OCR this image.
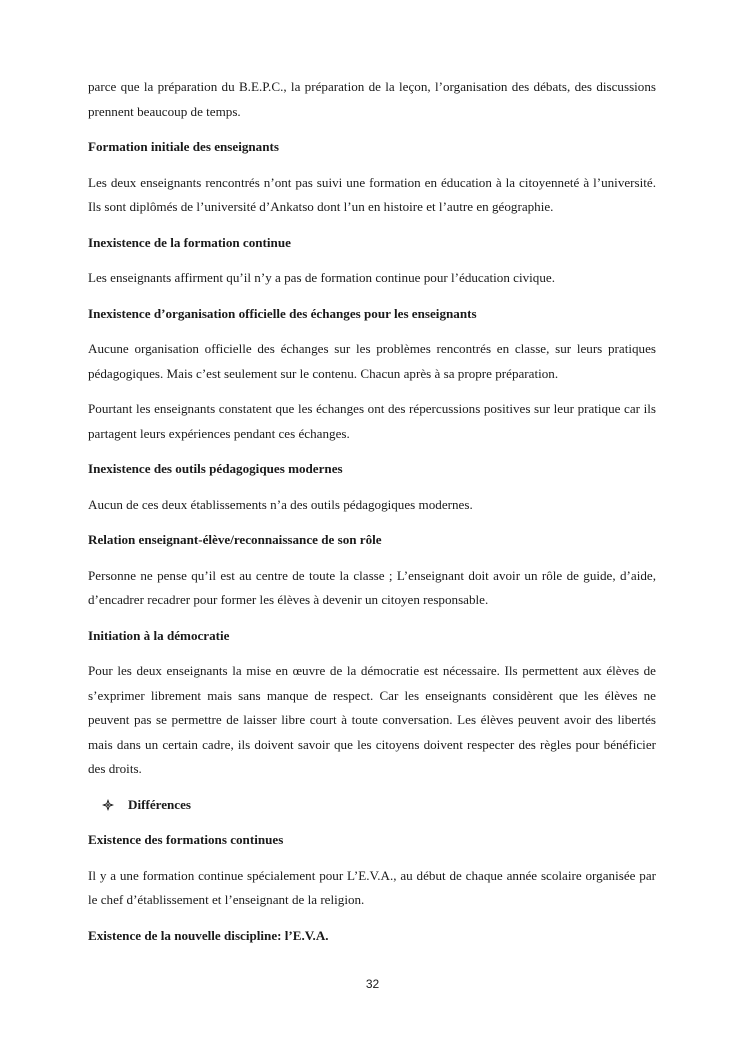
parce que la préparation du B.E.P.C., la préparation de la leçon, l’organisation des débats, des discussions prennent beaucoup de temps.

Formation initiale des enseignants

Les deux enseignants rencontrés n’ont pas suivi une formation en éducation à la citoyenneté à l’université. Ils sont diplômés de l’université d’Ankatso dont l’un en histoire et l’autre en géographie.

Inexistence de la formation continue

Les enseignants affirment qu’il n’y a pas de formation continue pour l’éducation civique.

Inexistence d’organisation officielle des échanges pour les enseignants

Aucune organisation officielle des échanges sur les problèmes rencontrés en classe, sur leurs pratiques pédagogiques. Mais c’est seulement sur le contenu. Chacun après à sa propre préparation.

Pourtant les enseignants constatent que les échanges ont des répercussions positives sur leur pratique car ils partagent leurs expériences pendant ces échanges.

Inexistence des outils pédagogiques modernes

Aucun de ces deux établissements n’a des outils pédagogiques modernes.

Relation enseignant-élève/reconnaissance de son rôle

Personne ne pense qu’il est au centre de toute la classe ; L’enseignant doit avoir un rôle de guide, d’aide, d’encadrer recadrer pour former les élèves à devenir un citoyen responsable.

Initiation à la démocratie

Pour les deux enseignants la mise en œuvre de la démocratie est nécessaire. Ils permettent aux élèves de s’exprimer librement mais sans manque de respect. Car les enseignants considèrent que les élèves ne peuvent pas se permettre de laisser libre court à toute conversation. Les élèves peuvent avoir des libertés mais dans un certain cadre, ils doivent savoir que les citoyens doivent respecter des règles pour bénéficier des droits.

Différences

Existence des formations continues

Il y a une formation continue spécialement pour L’E.V.A., au début de chaque année scolaire organisée par le chef d’établissement et l’enseignant de la religion.

Existence de la nouvelle discipline: l’E.V.A.

32
